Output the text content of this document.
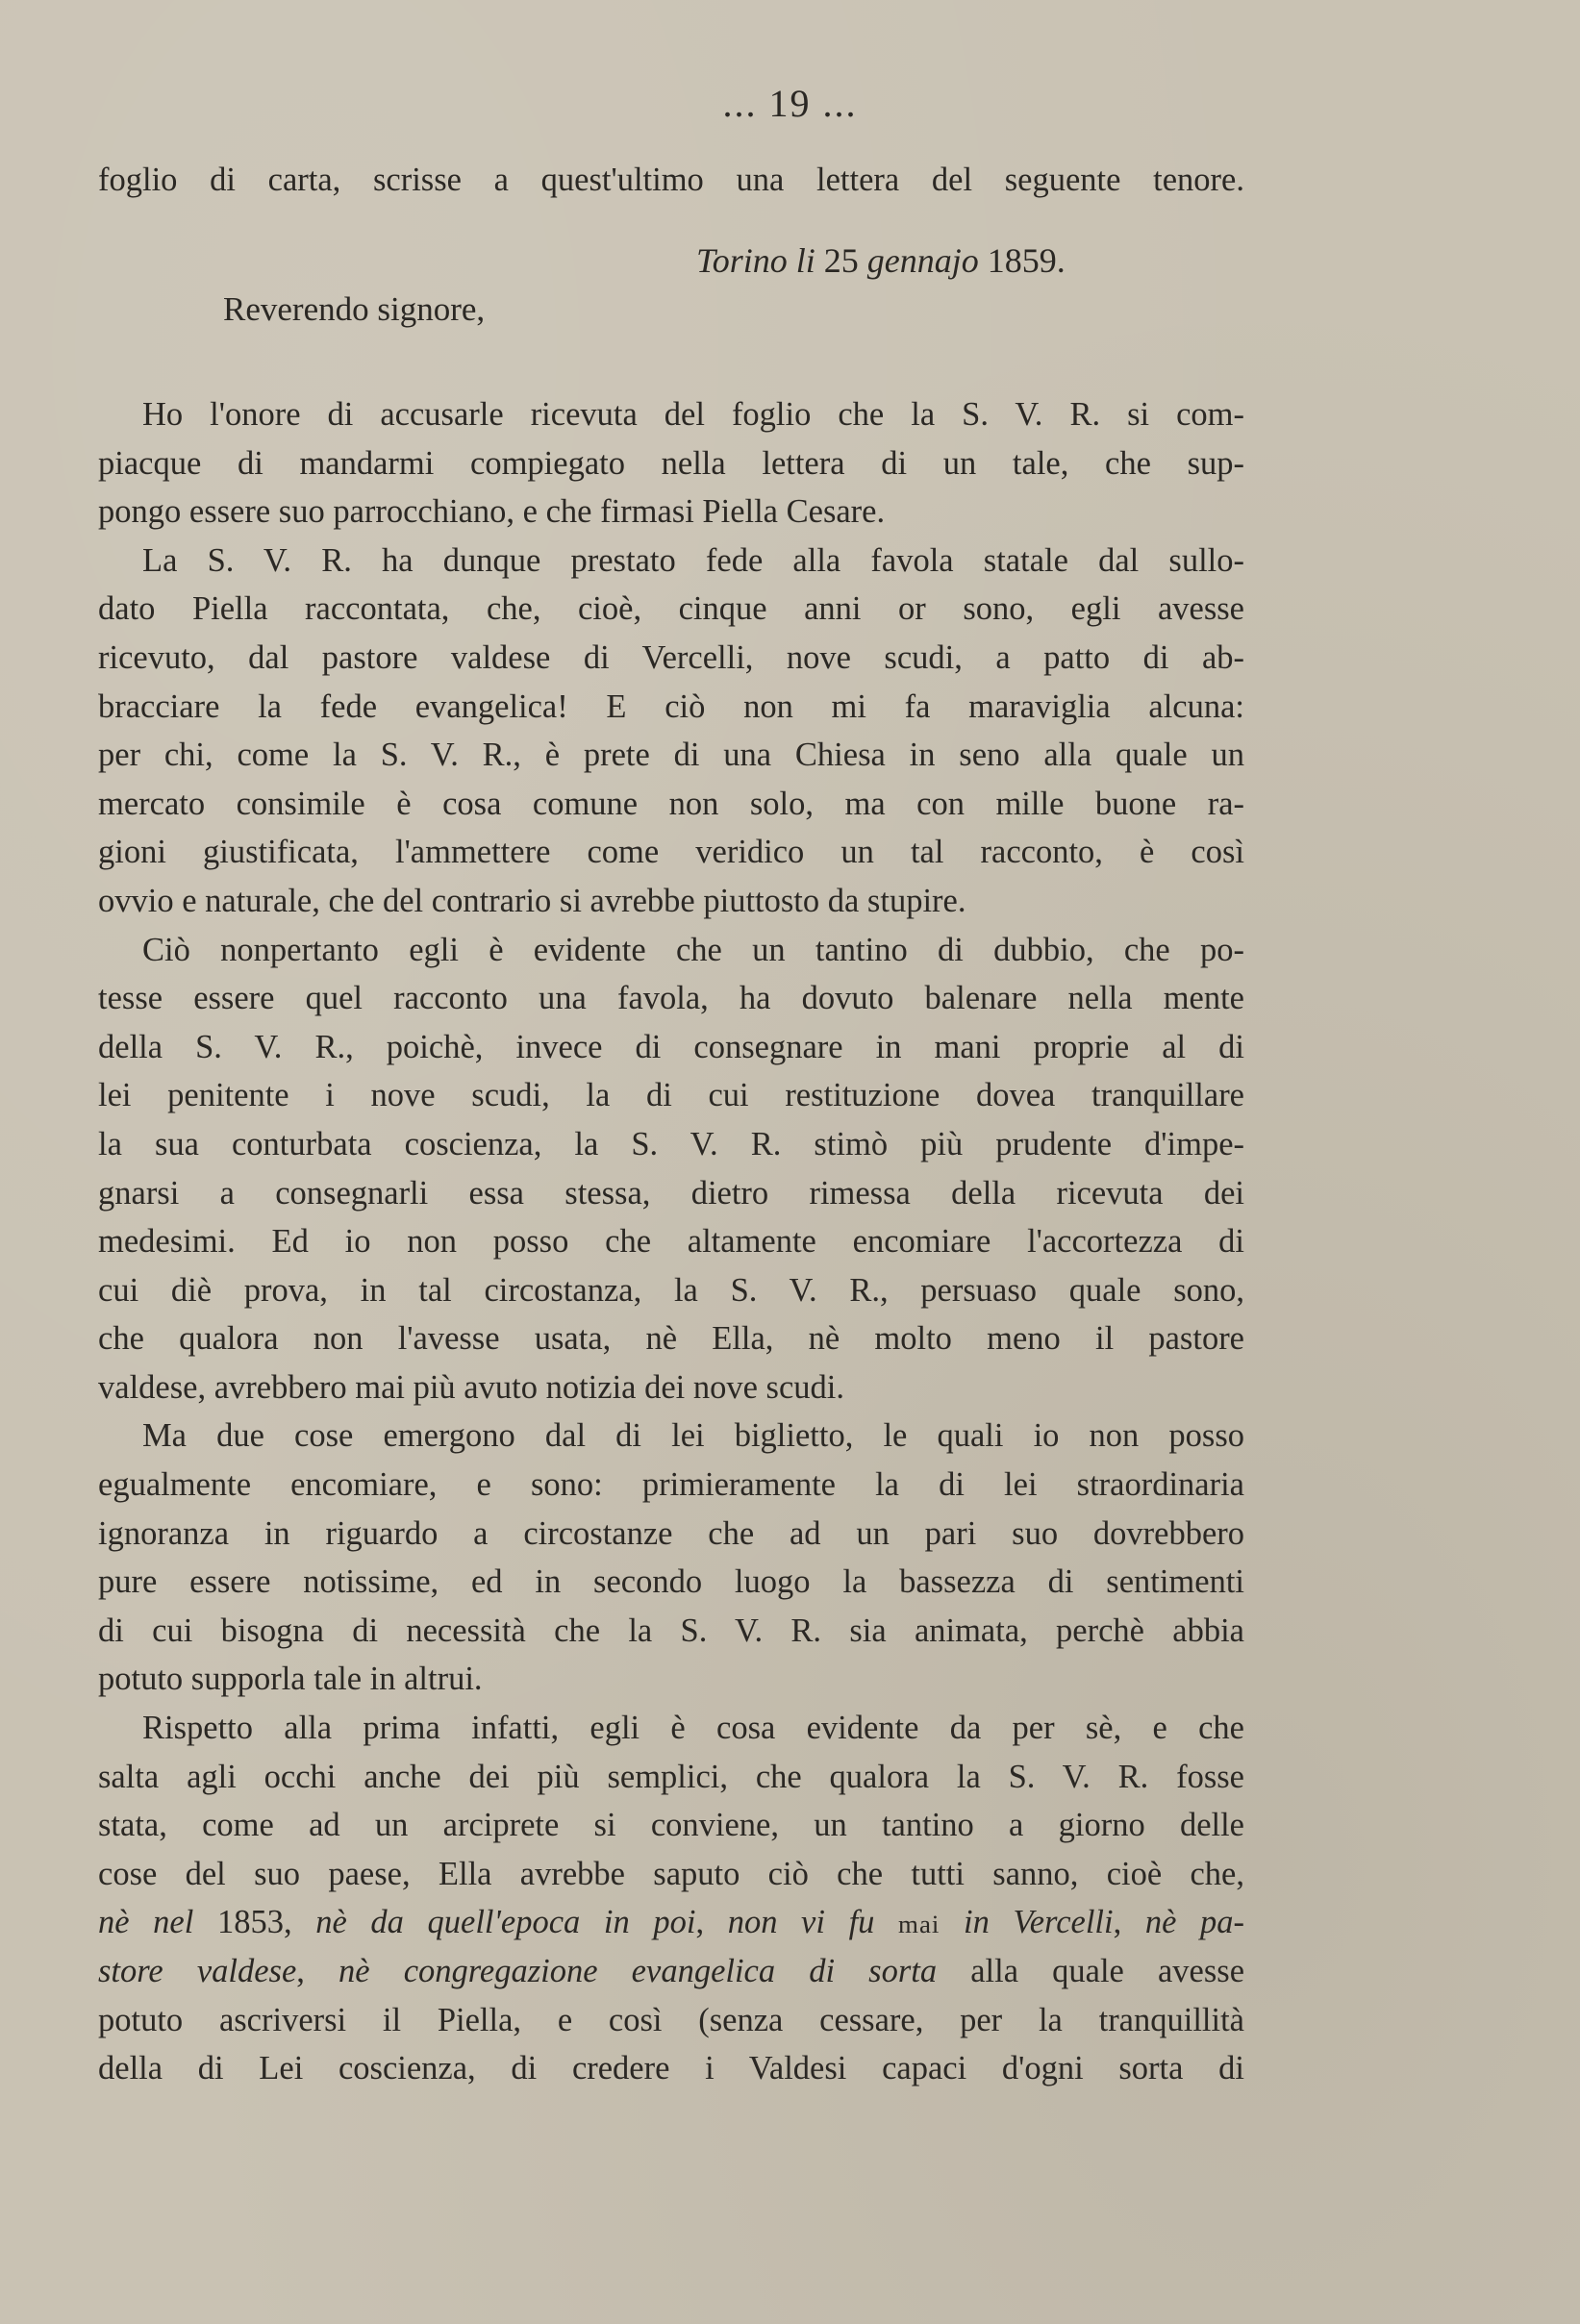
... 19 ...
foglio di carta, scrisse a quest'ultimo una lettera del seguente tenore.
Torino li 25 gennajo 1859.
Reverendo signore,
Ho l'onore di accusarle ricevuta del foglio che la S. V. R. si com-
piacque di mandarmi compiegato nella lettera di un tale, che sup-
pongo essere suo parrocchiano, e che firmasi Piella Cesare.
La S. V. R. ha dunque prestato fede alla favola statale dal sullo-
dato Piella raccontata, che, cioè, cinque anni or sono, egli avesse
ricevuto, dal pastore valdese di Vercelli, nove scudi, a patto di ab-
bracciare la fede evangelica! E ciò non mi fa maraviglia alcuna:
per chi, come la S. V. R., è prete di una Chiesa in seno alla quale un
mercato consimile è cosa comune non solo, ma con mille buone ra-
gioni giustificata, l'ammettere come veridico un tal racconto, è così
ovvio e naturale, che del contrario si avrebbe piuttosto da stupire.
Ciò nonpertanto egli è evidente che un tantino di dubbio, che po-
tesse essere quel racconto una favola, ha dovuto balenare nella mente
della S. V. R., poichè, invece di consegnare in mani proprie al di
lei penitente i nove scudi, la di cui restituzione dovea tranquillare
la sua conturbata coscienza, la S. V. R. stimò più prudente d'impe-
gnarsi a consegnarli essa stessa, dietro rimessa della ricevuta dei
medesimi. Ed io non posso che altamente encomiare l'accortezza di
cui diè prova, in tal circostanza, la S. V. R., persuaso quale sono,
che qualora non l'avesse usata, nè Ella, nè molto meno il pastore
valdese, avrebbero mai più avuto notizia dei nove scudi.
Ma due cose emergono dal di lei biglietto, le quali io non posso
egualmente encomiare, e sono: primieramente la di lei straordinaria
ignoranza in riguardo a circostanze che ad un pari suo dovrebbero
pure essere notissime, ed in secondo luogo la bassezza di sentimenti
di cui bisogna di necessità che la S. V. R. sia animata, perchè abbia
potuto supporla tale in altrui.
Rispetto alla prima infatti, egli è cosa evidente da per sè, e che
salta agli occhi anche dei più semplici, che qualora la S. V. R. fosse
stata, come ad un arciprete si conviene, un tantino a giorno delle
cose del suo paese, Ella avrebbe saputo ciò che tutti sanno, cioè che,
nè nel 1853, nè da quell'epoca in poi, non vi fu mai in Vercelli, nè pa-
store valdese, nè congregazione evangelica di sorta alla quale avesse
potuto ascriversi il Piella, e così (senza cessare, per la tranquillità
della di Lei coscienza, di credere i Valdesi capaci d'ogni sorta di
